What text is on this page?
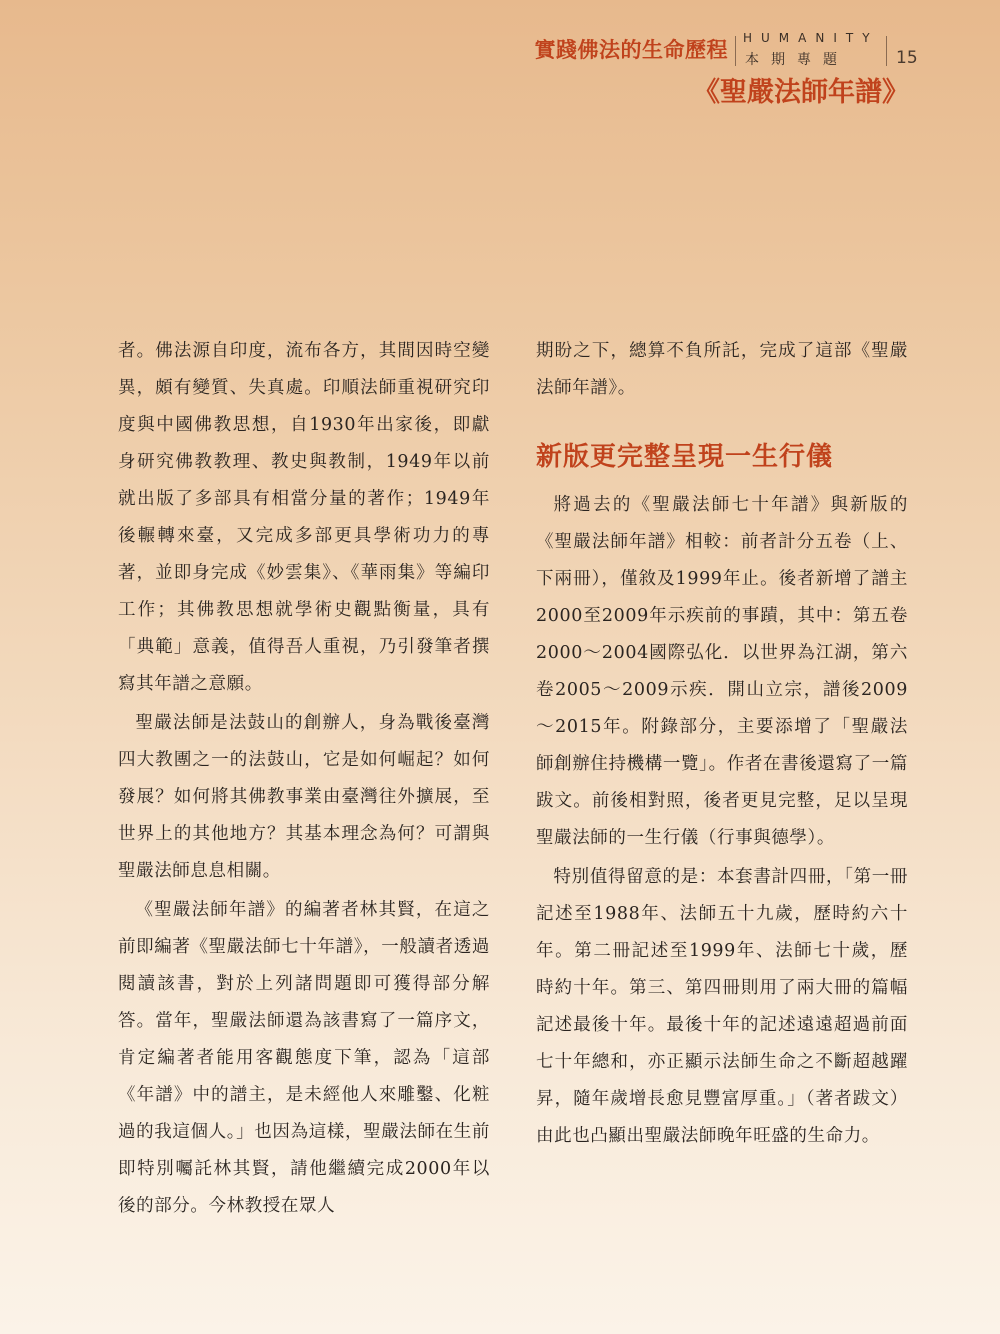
實踐佛法的生命歷程 HUMANITY
本期專題	15
《聖嚴法師年譜》

者。佛法源自印度，流布各方，其間因時空變異，頗有變質、失真處。印順法師重視研究印度與中國佛教思想，自1930年出家後，即獻身研究佛教教理、教史與教制，1949年以前就出版了多部具有相當分量的著作；1949年後輾轉來臺，又完成多部更具學術功力的專著，並即身完成《妙雲集》、《華雨集》等編印工作；其佛教思想就學術史觀點衡量，具有「典範」意義，值得吾人重視，乃引發筆者撰寫其年譜之意願。

聖嚴法師是法鼓山的創辦人，身為戰後臺灣四大教團之一的法鼓山，它是如何崛起？如何發展？如何將其佛教事業由臺灣往外擴展，至世界上的其他地方？其基本理念為何？可謂與聖嚴法師息息相關。

《聖嚴法師年譜》的編著者林其賢，在這之前即編著《聖嚴法師七十年譜》，一般讀者透過閱讀該書，對於上列諸問題即可獲得部分解答。當年，聖嚴法師還為該書寫了一篇序文，肯定編著者能用客觀態度下筆，認為「這部《年譜》中的譜主，是未經他人來雕鑿、化粧過的我這個人。」也因為這樣，聖嚴法師在生前即特別囑託林其賢，請他繼續完成2000年以後的部分。今林教授在眾人

期盼之下，總算不負所託，完成了這部《聖嚴法師年譜》。

新版更完整呈現一生行儀

將過去的《聖嚴法師七十年譜》與新版的《聖嚴法師年譜》相較：前者計分五卷（上、下兩冊），僅敘及1999年止。後者新增了譜主2000至2009年示疾前的事蹟，其中：第五卷2000～2004國際弘化．以世界為江湖，第六卷2005～2009示疾．開山立宗，譜後2009～2015年。附錄部分，主要添增了「聖嚴法師創辦住持機構一覽」。作者在書後還寫了一篇跋文。前後相對照，後者更見完整，足以呈現聖嚴法師的一生行儀（行事與德學）。

特別值得留意的是：本套書計四冊，「第一冊記述至1988年、法師五十九歲，歷時約六十年。第二冊記述至1999年、法師七十歲，歷時約十年。第三、第四冊則用了兩大冊的篇幅記述最後十年。最後十年的記述遠遠超過前面七十年總和，亦正顯示法師生命之不斷超越躍昇，隨年歲增長愈見豐富厚重。」（著者跋文）由此也凸顯出聖嚴法師晚年旺盛的生命力。
